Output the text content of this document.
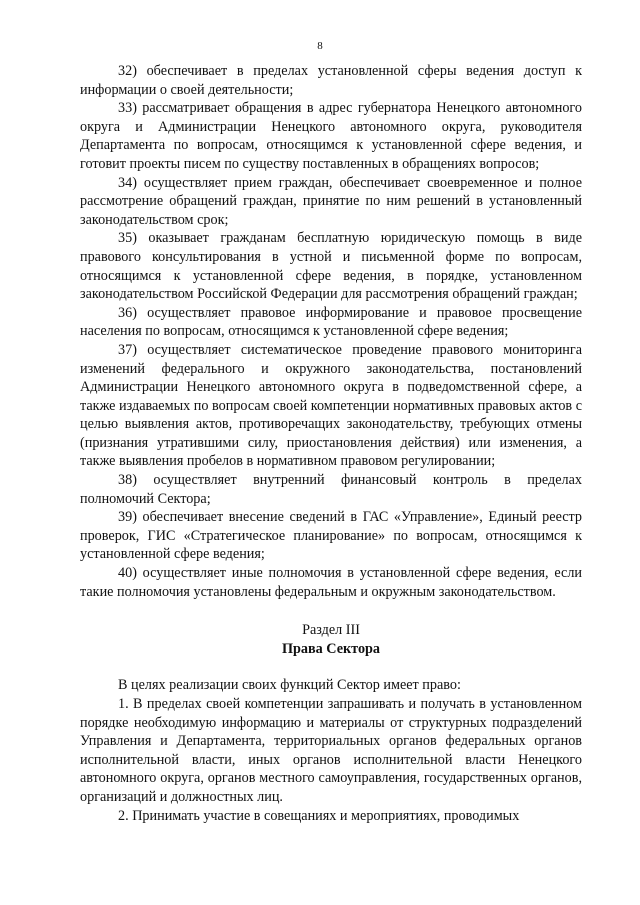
8

32) обеспечивает в пределах установленной сферы ведения доступ к информации о своей деятельности;

33) рассматривает обращения в адрес губернатора Ненецкого автономного округа и Администрации Ненецкого автономного округа, руководителя Департамента по вопросам, относящимся к установленной сфере ведения, и готовит проекты писем по существу поставленных в обращениях вопросов;

34) осуществляет прием граждан, обеспечивает своевременное и полное рассмотрение обращений граждан, принятие по ним решений в установленный законодательством срок;

35) оказывает гражданам бесплатную юридическую помощь в виде правового консультирования в устной и письменной форме по вопросам, относящимся к установленной сфере ведения, в порядке, установленном законодательством Российской Федерации для рассмотрения обращений граждан;

36) осуществляет правовое информирование и правовое просвещение населения по вопросам, относящимся к установленной сфере ведения;

37) осуществляет систематическое проведение правового мониторинга изменений федерального и окружного законодательства, постановлений Администрации Ненецкого автономного округа в подведомственной сфере, а также издаваемых по вопросам своей компетенции нормативных правовых актов с целью выявления актов, противоречащих законодательству, требующих отмены (признания утратившими силу, приостановления действия) или изменения, а также выявления пробелов в нормативном правовом регулировании;

38) осуществляет внутренний финансовый контроль в пределах полномочий Сектора;

39) обеспечивает внесение сведений в ГАС «Управление», Единый реестр проверок, ГИС «Стратегическое планирование» по вопросам, относящимся к установленной сфере ведения;

40) осуществляет иные полномочия в установленной сфере ведения, если такие полномочия установлены федеральным и окружным законодательством.

Раздел III

Права Сектора

В целях реализации своих функций Сектор имеет право:

1. В пределах своей компетенции запрашивать и получать в установленном порядке необходимую информацию и материалы от структурных подразделений Управления и Департамента, территориальных органов федеральных органов исполнительной власти, иных органов исполнительной власти Ненецкого автономного округа, органов местного самоуправления, государственных органов, организаций и должностных лиц.

2. Принимать участие в совещаниях и мероприятиях, проводимых
